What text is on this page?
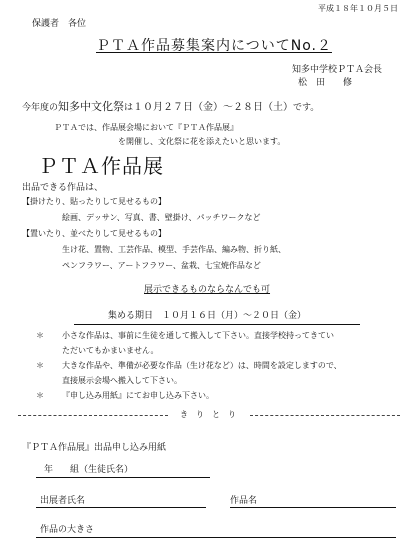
平成１８年１０月５日
保護者　各位
ＰＴＡ作品募集案内についてNo.２
知多中学校ＰＴＡ会長
松　田　　修
今年度の知多中文化祭は１０月２７日（金）～２８日（土）です。
ＰＴＡでは、作品展会場において『ＰＴＡ作品展』
を開催し、文化祭に花を添えたいと思います。
ＰＴＡ作品展
出品できる作品は、
【掛けたり、貼ったりして見せるもの】
絵画、デッサン、写真、書、壁掛け、パッチワークなど
【置いたり、並べたりして見せるもの】
生け花、置物、工芸作品、模型、手芸作品、編み物、折り紙、
ペンフラワー、アートフラワー、盆栽、七宝焼作品など
展示できるものならなんでも可
集める期日　１０月１６日（月）～２０日（金）
＊ 小さな作品は、事前に生徒を通して搬入して下さい。直接学校持ってきてい
ただいてもかまいません。
＊ 大きな作品や、準備が必要な作品（生け花など）は、時間を設定しますので、
直接展示会場へ搬入して下さい。
＊ 『申し込み用紙』にてお申し込み下さい。
き　り　と　り
『ＰＴＡ作品展』出品申し込み用紙
年 組（生徒氏名）
出展者氏名	作品名
作品の大きさ
